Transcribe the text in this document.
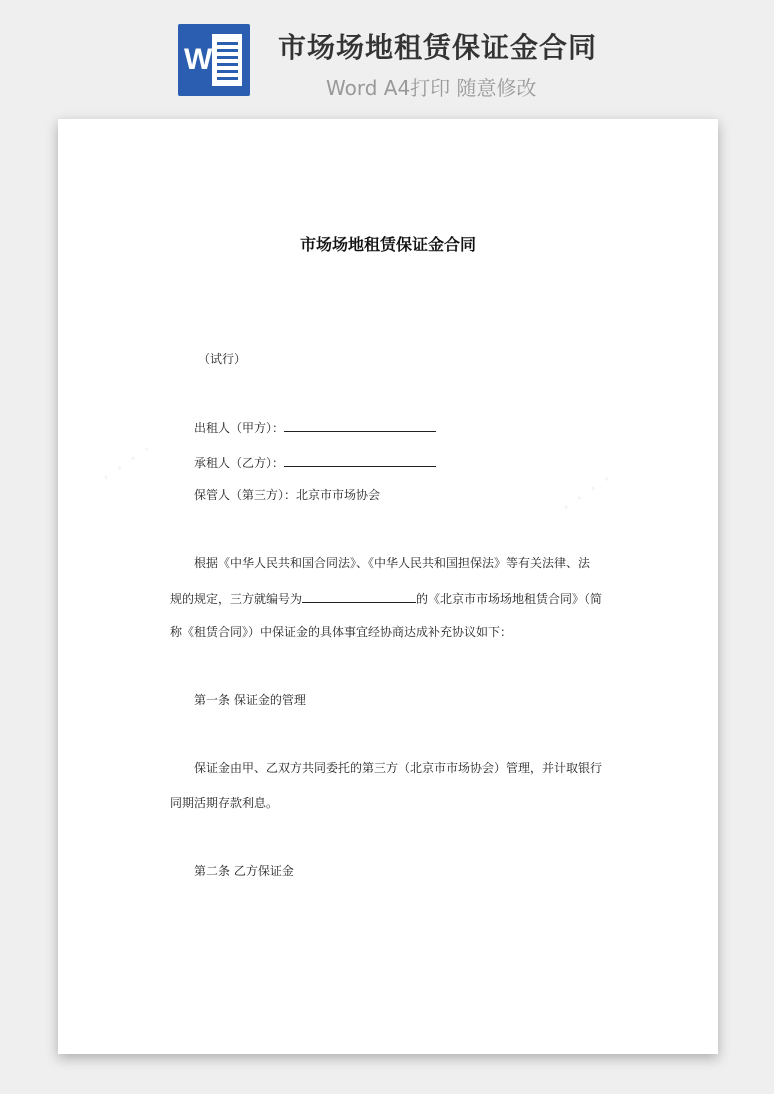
W 市场场地租赁保证金合同
Word A4打印 随意修改
市场场地租赁保证金合同
（试行）
出租人（甲方）：
承租人（乙方）：
保管人（第三方）：北京市市场协会
根据《中华人民共和国合同法》、《中华人民共和国担保法》等有关法律、法
规的规定，三方就编号为	的《北京市市场场地租赁合同》（简
称《租赁合同》）中保证金的具体事宜经协商达成补充协议如下：
第一条 保证金的管理
保证金由甲、乙双方共同委托的第三方（北京市市场协会）管理，并计取银行
同期活期存款利息。
第二条 乙方保证金
